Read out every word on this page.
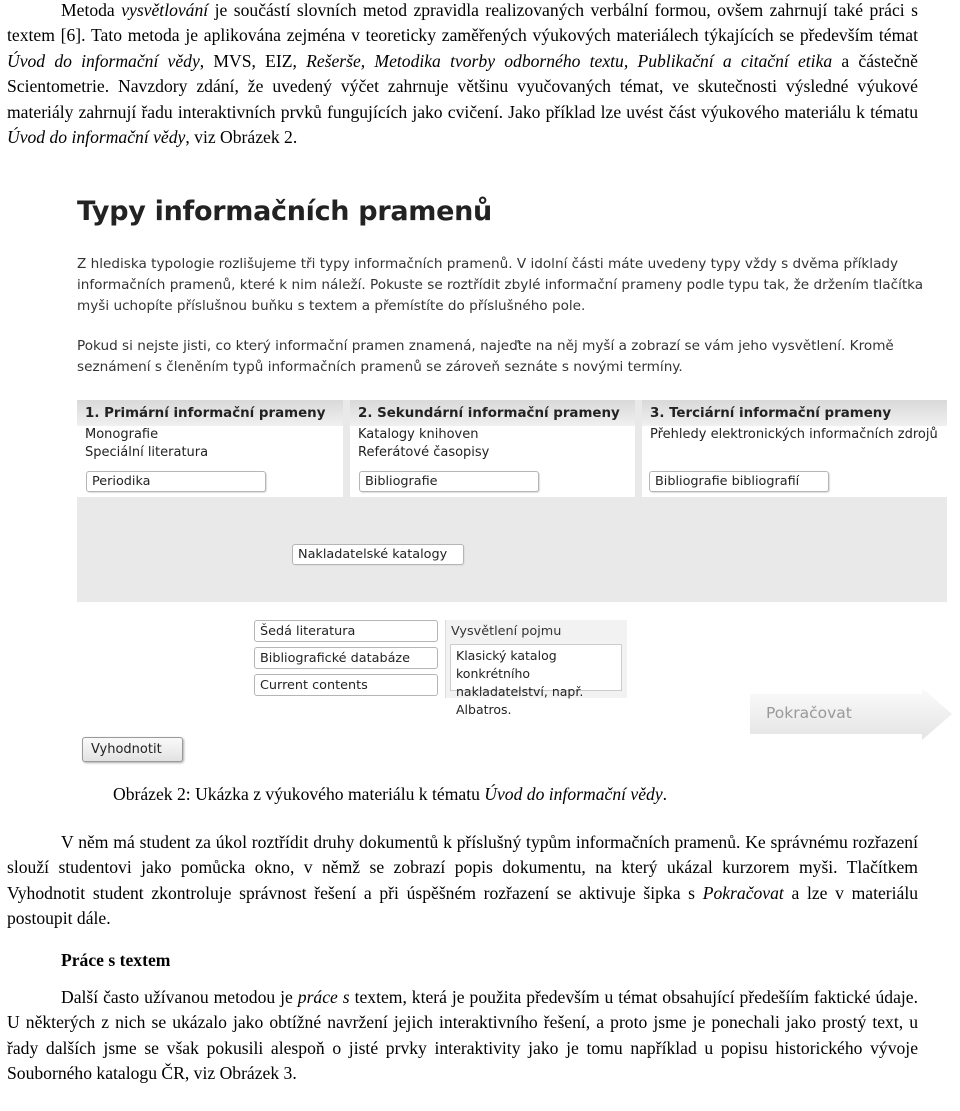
Metoda vysvětlování je součástí slovních metod zpravidla realizovaných verbální formou, ovšem zahrnují také práci s textem [6]. Tato metoda je aplikována zejména v teoreticky zaměřených výukových materiálech týkajících se především témat Úvod do informační vědy, MVS, EIZ, Rešerše, Metodika tvorby odborného textu, Publikační a citační etika a částečně Scientometrie. Navzdory zdání, že uvedený výčet zahrnuje většinu vyučovaných témat, ve skutečnosti výsledné výukové materiály zahrnují řadu interaktivních prvků fungujících jako cvičení. Jako příklad lze uvést část výukového materiálu k tématu Úvod do informační vědy, viz Obrázek 2.

Typy informačních pramenů

Z hlediska typologie rozlišujeme tři typy informačních pramenů. V idolní části máte uvedeny typy vždy s dvěma příklady informačních pramenů, které k nim náleží. Pokuste se roztřídit zbylé informační prameny podle typu tak, že držením tlačítka myši uchopíte příslušnou buňku s textem a přemístíte do příslušného pole.

Pokud si nejste jisti, co který informační pramen znamená, najeďte na něj myší a zobrazí se vám jeho vysvětlení. Kromě seznámení s členěním typů informačních pramenů se zároveň seznáte s novými termíny.

1. Primární informační prameny
Monografie
Speciální literatura
2. Sekundární informační prameny
Katalogy knihoven
Referátové časopisy
3. Terciární informační prameny
Přehledy elektronických informačních zdrojů
Periodika	Bibliografie	Bibliografie bibliografií
Nakladatelské katalogy
Šedá literatura
Bibliografické databáze
Current contents
Vysvětlení pojmu
Klasický katalog konkrétního
nakladatelství, např. Albatros.	Pokračovat
Vyhodnotit
Obrázek 2: Ukázka z výukového materiálu k tématu Úvod do informační vědy.

V něm má student za úkol roztřídit druhy dokumentů k příslušný typům informačních pramenů. Ke správnému rozřazení slouží studentovi jako pomůcka okno, v němž se zobrazí popis dokumentu, na který ukázal kurzorem myši. Tlačítkem Vyhodnotit student zkontroluje správnost řešení a při úspěšném rozřazení se aktivuje šipka s Pokračovat a lze v materiálu postoupit dále.

Práce s textem

Další často užívanou metodou je práce s textem, která je použita především u témat obsahující předešíím faktické údaje. U některých z nich se ukázalo jako obtížné navržení jejich interaktivního řešení, a proto jsme je ponechali jako prostý text, u řady dalších jsme se však pokusili alespoň o jisté prvky interaktivity jako je tomu například u popisu historického vývoje Souborného katalogu ČR, viz Obrázek 3.
